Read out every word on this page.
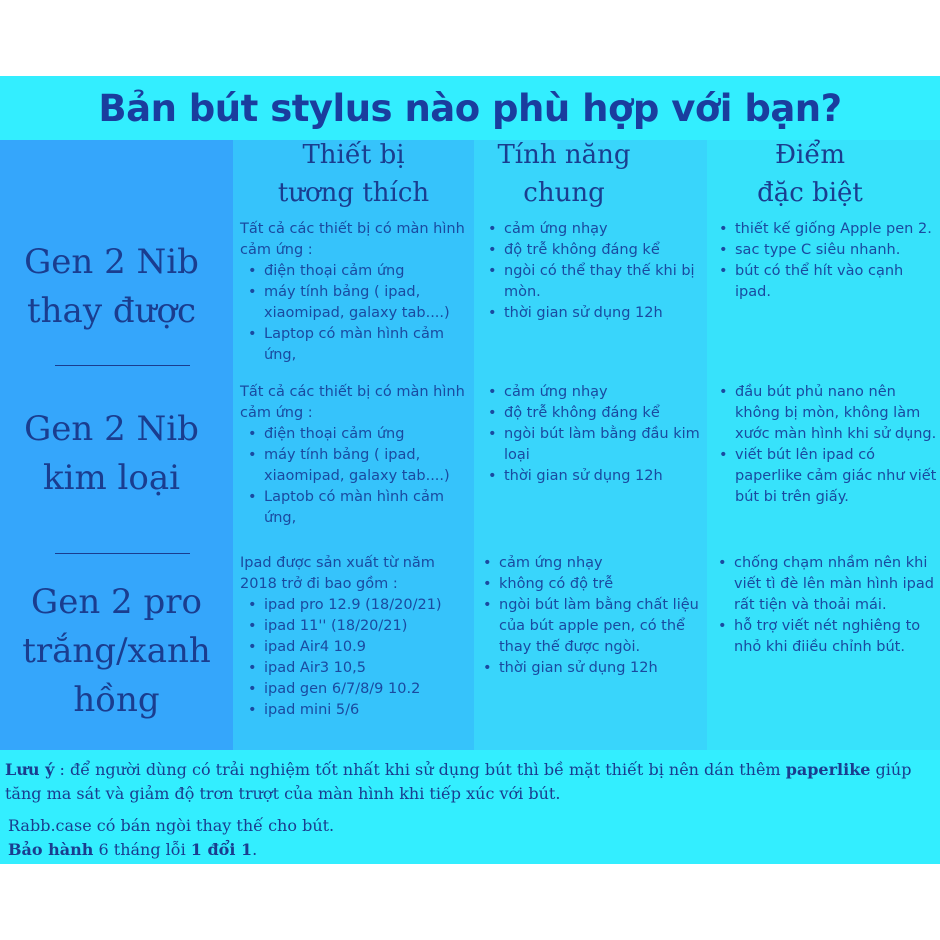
Bản bút stylus nào phù hợp với bạn?
Thiết bị
tương thích
Tính năng
chung
Điểm
đặc biệt
Gen 2 Nib
thay được
Tất cả các thiết bị có màn hình cảm ứng :
• điện thoại cảm ứng
• máy tính bảng ( ipad, xiaomipad, galaxy tab....)
• Laptop có màn hình cảm ứng,
• cảm ứng nhạy
• độ trễ không đáng kể
• ngòi có thể thay thế khi bị mòn.
• thời gian sử dụng 12h
• thiết kế giống Apple pen 2.
• sac type C siêu nhanh.
• bút có thể hít vào cạnh ipad.
Gen 2 Nib
kim loại
Tất cả các thiết bị có màn hình cảm ứng :
• điện thoại cảm ứng
• máy tính bảng ( ipad, xiaomipad, galaxy tab....)
• Laptob có màn hình cảm ứng,
• cảm ứng nhạy
• độ trễ không đáng kể
• ngòi bút làm bằng đầu kim loại
• thời gian sử dụng 12h
• đầu bút phủ nano nên không bị mòn, không làm xước màn hình khi sử dụng.
• viết bút lên ipad có paperlike cảm giác như viết bút bi trên giấy.
Gen 2 pro
trắng/xanh
hồng
Ipad được sản xuất từ năm 2018 trở đi bao gồm :
• ipad pro 12.9 (18/20/21)
• ipad 11'' (18/20/21)
• ipad Air4 10.9
• ipad Air3 10,5
• ipad gen 6/7/8/9 10.2
• ipad mini 5/6
• cảm ứng nhạy
• không có độ trễ
• ngòi bút làm bằng chất liệu của bút apple pen, có thể thay thế được ngòi.
• thời gian sử dụng 12h
• chống chạm nhầm nên khi viết tì đè lên màn hình ipad rất tiện và thoải mái.
• hỗ trợ viết nét nghiêng to nhỏ khi điiều chỉnh bút.
Lưu ý : để người dùng có trải nghiệm tốt nhất khi sử dụng bút thì bề mặt thiết bị nên dán thêm paperlike giúp tăng ma sát và giảm độ trơn trượt của màn hình khi tiếp xúc với bút.
Rabb.case có bán ngòi thay thế cho bút.
Bảo hành 6 tháng lỗi 1 đổi 1.
